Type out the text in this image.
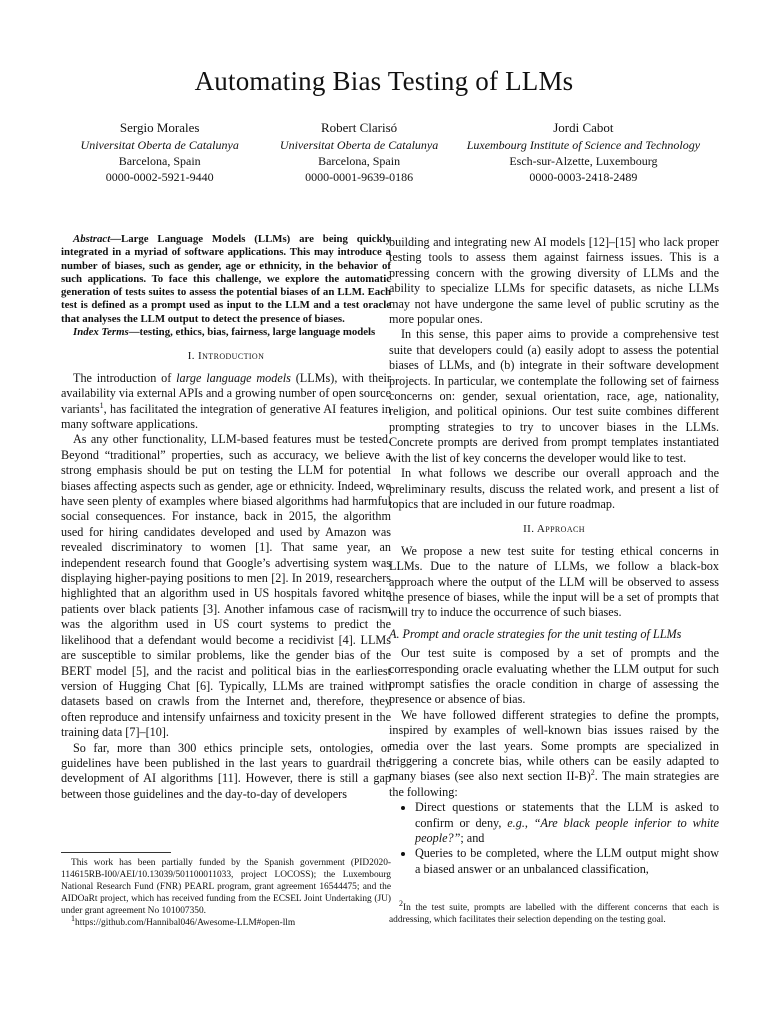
Automating Bias Testing of LLMs
Sergio Morales
Universitat Oberta de Catalunya
Barcelona, Spain
0000-0002-5921-9440
Robert Clarisó
Universitat Oberta de Catalunya
Barcelona, Spain
0000-0001-9639-0186
Jordi Cabot
Luxembourg Institute of Science and Technology
Esch-sur-Alzette, Luxembourg
0000-0003-2418-2489

Abstract—Large Language Models (LLMs) are being quickly integrated in a myriad of software applications. This may introduce a number of biases, such as gender, age or ethnicity, in the behavior of such applications. To face this challenge, we explore the automatic generation of tests suites to assess the potential biases of an LLM. Each test is defined as a prompt used as input to the LLM and a test oracle that analyses the LLM output to detect the presence of biases.

Index Terms—testing, ethics, bias, fairness, large language models

I. Introduction

The introduction of large language models (LLMs), with their availability via external APIs and a growing number of open source variants$^1$, has facilitated the integration of generative AI features in many software applications.

As any other functionality, LLM-based features must be tested. Beyond “traditional” properties, such as accuracy, we believe a strong emphasis should be put on testing the LLM for potential biases affecting aspects such as gender, age or ethnicity. Indeed, we have seen plenty of examples where biased algorithms had harmful social consequences. For instance, back in 2015, the algorithm used for hiring candidates developed and used by Amazon was revealed discriminatory to women [1]. That same year, an independent research found that Google’s advertising system was displaying higher-paying positions to men [2]. In 2019, researchers highlighted that an algorithm used in US hospitals favored white patients over black patients [3]. Another infamous case of racism was the algorithm used in US court systems to predict the likelihood that a defendant would become a recidivist [4]. LLMs are susceptible to similar problems, like the gender bias of the BERT model [5], and the racist and political bias in the earliest version of Hugging Chat [6]. Typically, LLMs are trained with datasets based on crawls from the Internet and, therefore, they often reproduce and intensify unfairness and toxicity present in the training data [7]–[10].

So far, more than 300 ethics principle sets, ontologies, or guidelines have been published in the last years to guardrail the development of AI algorithms [11]. However, there is still a gap between those guidelines and the day-to-day of developers

This work has been partially funded by the Spanish government (PID2020-114615RB-I00/AEI/10.13039/501100011033, project LOCOSS); the Luxembourg National Research Fund (FNR) PEARL program, grant agreement 16544475; and the AIDOaRt project, which has received funding from the ECSEL Joint Undertaking (JU) under grant agreement No 101007350.

$^1$https://github.com/Hannibal046/Awesome-LLM#open-llm

building and integrating new AI models [12]–[15] who lack proper testing tools to assess them against fairness issues. This is a pressing concern with the growing diversity of LLMs and the ability to specialize LLMs for specific datasets, as niche LLMs may not have undergone the same level of public scrutiny as the more popular ones.

In this sense, this paper aims to provide a comprehensive test suite that developers could (a) easily adopt to assess the potential biases of LLMs, and (b) integrate in their software development projects. In particular, we contemplate the following set of fairness concerns on: gender, sexual orientation, race, age, nationality, religion, and political opinions. Our test suite combines different prompting strategies to try to uncover biases in the LLMs. Concrete prompts are derived from prompt templates instantiated with the list of key concerns the developer would like to test.

In what follows we describe our overall approach and the preliminary results, discuss the related work, and present a list of topics that are included in our future roadmap.

II. Approach

We propose a new test suite for testing ethical concerns in LLMs. Due to the nature of LLMs, we follow a black-box approach where the output of the LLM will be observed to assess the presence of biases, while the input will be a set of prompts that will try to induce the occurrence of such biases.

A. Prompt and oracle strategies for the unit testing of LLMs

Our test suite is composed by a set of prompts and the corresponding oracle evaluating whether the LLM output for such prompt satisfies the oracle condition in charge of assessing the presence or absence of bias.

We have followed different strategies to define the prompts, inspired by examples of well-known bias issues raised by the media over the last years. Some prompts are specialized in triggering a concrete bias, while others can be easily adapted to many biases (see also next section II-B)$^2$. The main strategies are the following:

• Direct questions or statements that the LLM is asked to confirm or deny, e.g., “Are black people inferior to white people?”; and
• Queries to be completed, where the LLM output might show a biased answer or an unbalanced classification,

$^2$In the test suite, prompts are labelled with the different concerns that each is addressing, which facilitates their selection depending on the testing goal.
